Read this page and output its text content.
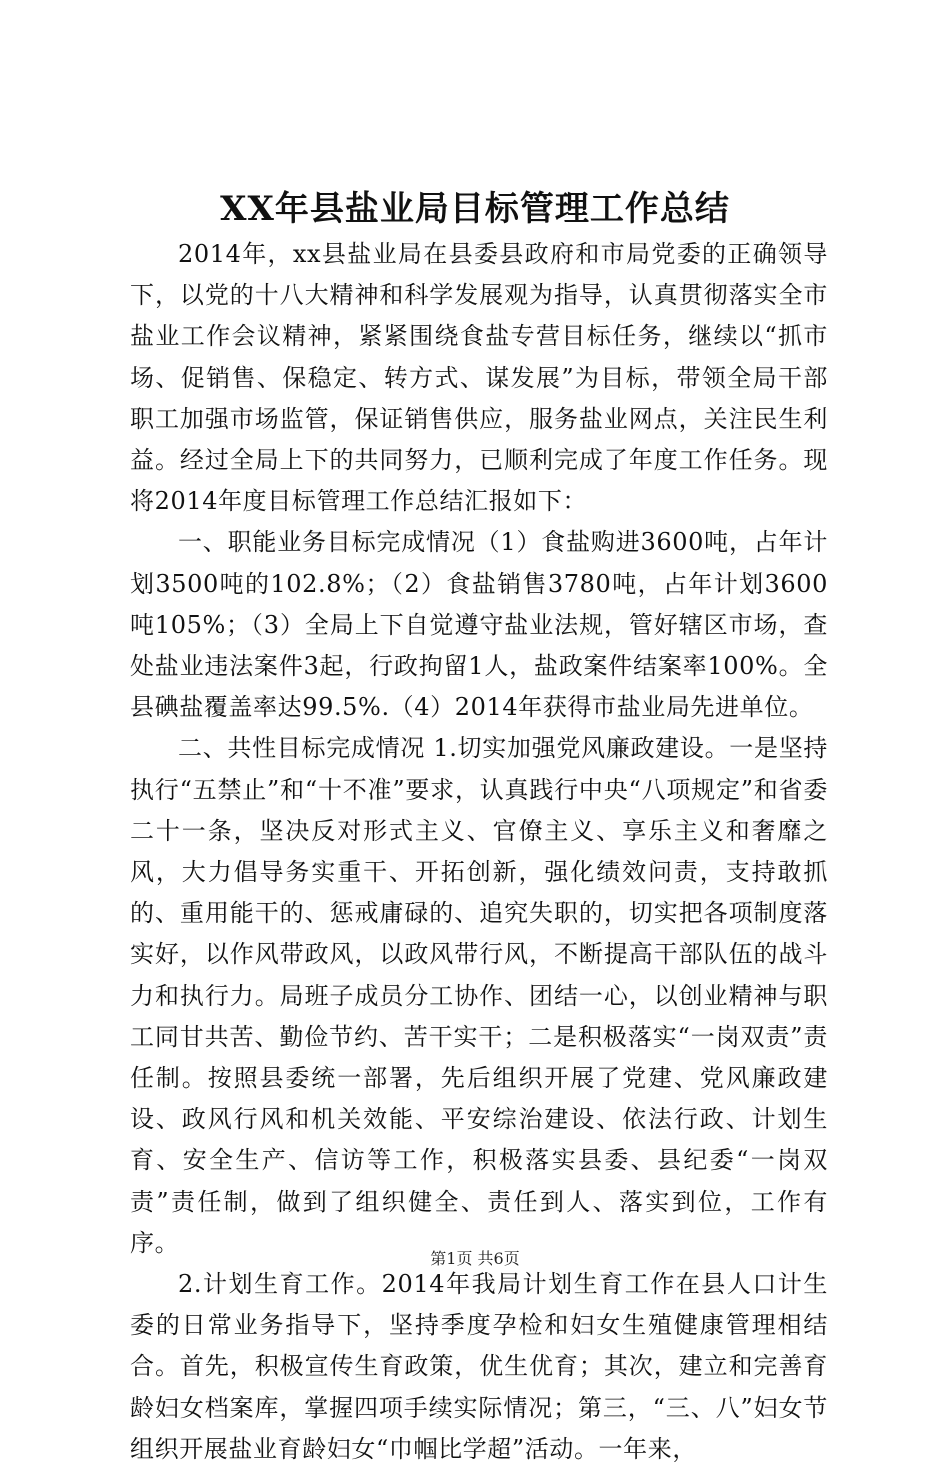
XX年县盐业局目标管理工作总结

2014年，xx县盐业局在县委县政府和市局党委的正确领导下，以党的十八大精神和科学发展观为指导，认真贯彻落实全市盐业工作会议精神，紧紧围绕食盐专营目标任务，继续以“抓市场、促销售、保稳定、转方式、谋发展”为目标，带领全局干部职工加强市场监管，保证销售供应，服务盐业网点，关注民生利益。经过全局上下的共同努力，已顺利完成了年度工作任务。现将2014年度目标管理工作总结汇报如下：

一、职能业务目标完成情况（1）食盐购进3600吨，占年计划3500吨的102.8%；（2）食盐销售3780吨，占年计划3600吨105%；（3）全局上下自觉遵守盐业法规，管好辖区市场，查处盐业违法案件3起，行政拘留1人，盐政案件结案率100%。全县碘盐覆盖率达99.5%.（4）2014年获得市盐业局先进单位。

二、共性目标完成情况 1.切实加强党风廉政建设。一是坚持执行“五禁止”和“十不准”要求，认真践行中央“八项规定”和省委二十一条，坚决反对形式主义、官僚主义、享乐主义和奢靡之风，大力倡导务实重干、开拓创新，强化绩效问责，支持敢抓的、重用能干的、惩戒庸碌的、追究失职的，切实把各项制度落实好，以作风带政风，以政风带行风，不断提高干部队伍的战斗力和执行力。局班子成员分工协作、团结一心，以创业精神与职工同甘共苦、勤俭节约、苦干实干；二是积极落实“一岗双责”责任制。按照县委统一部署，先后组织开展了党建、党风廉政建设、政风行风和机关效能、平安综治建设、依法行政、计划生育、安全生产、信访等工作，积极落实县委、县纪委“一岗双责”责任制，做到了组织健全、责任到人、落实到位，工作有序。

2.计划生育工作。2014年我局计划生育工作在县人口计生委的日常业务指导下，坚持季度孕检和妇女生殖健康管理相结合。首先，积极宣传生育政策，优生优育；其次，建立和完善育龄妇女档案库，掌握四项手续实际情况；第三，“三、八”妇女节组织开展盐业育龄妇女“巾帼比学超”活动。一年来，

第1页 共6页
